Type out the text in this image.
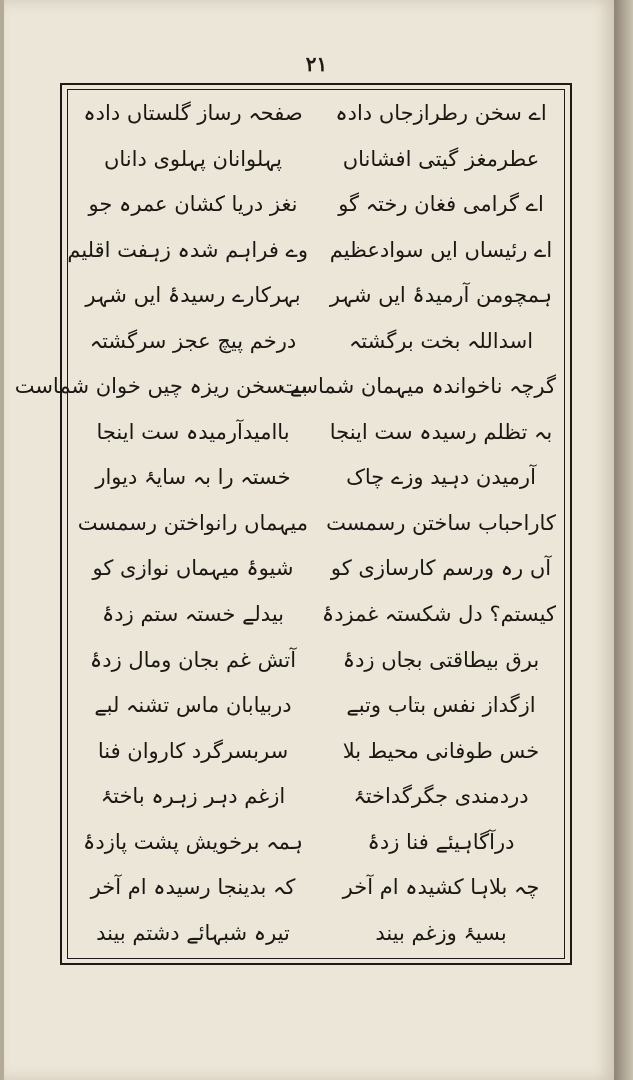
۲۱
اے سخن رطرازجاں دادہ
صفحہ رساز گلستاں دادہ
عطرمغز گیتی افشاناں
پہلوانان پہلوی داناں
اے گرامی فغان رختہ گو
نغز دریا کشان عمرہ جو
اے رئیساں ایں سوادعظیم
وے فراہم شدہ زہفت اقلیم
ہمچومن آرمیدۂ ایں شہر
بہرکارے رسیدۂ ایں شہر
اسداللہ بخت برگشتہ
درخم پیچ عجز سرگشتہ
گرچہ ناخواندہ میہمان شماست
بے سخن ریزہ چیں خوان شماست
بہ تظلم رسیدہ ست اینجا
باامیدآرمیدہ ست اینجا
آرمیدن دہید وزے چاک
خستہ را بہ سایۂ دیوار
کاراحباب ساختن رسمست
میہماں رانواختن رسمست
آں رہ ورسم کارسازی کو
شیوۂ میہماں نوازی کو
کیستم؟ دل شکستہ غمزدۂ
بیدلے خستہ ستم زدۂ
برق بیطاقتی بجاں زدۂ
آتش غم بجان ومال زدۂ
ازگداز نفس بتاب وتبے
دربیابان ماس تشنہ لبے
خس طوفانی محیط بلا
سربسرگرد کاروان فنا
دردمندی جگرگداختۂ
ازغم دہر زہرہ باختۂ
درآگاہیئے فنا زدۂ
ہمہ برخویش پشت پازدۂ
چہ بلاہا کشیدہ ام آخر
کہ بدینجا رسیدہ ام آخر
بسیۂ وزغم بیند
تیرہ شبہائے دشتم بیند
